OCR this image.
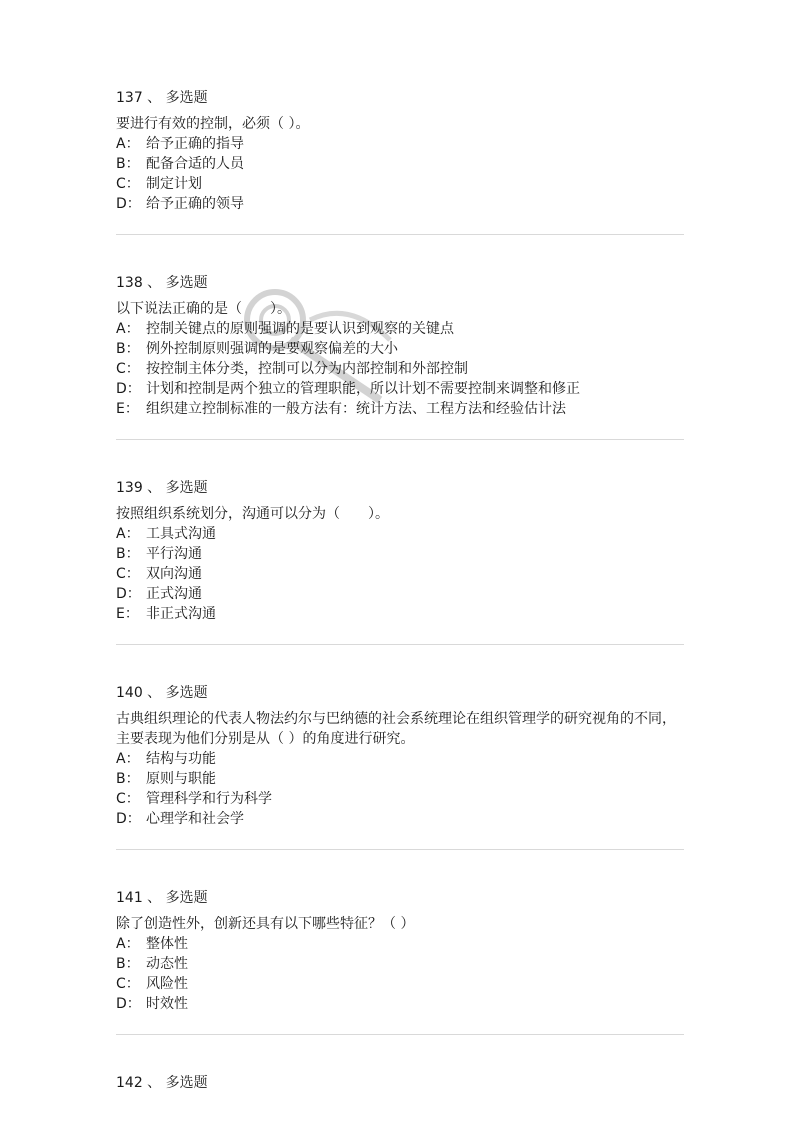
137 、 多选题
要进行有效的控制，必须（ ）。
A： 给予正确的指导
B： 配备合适的人员
C： 制定计划
D： 给予正确的领导
138 、 多选题
以下说法正确的是（　　）。
A： 控制关键点的原则强调的是要认识到观察的关键点
B： 例外控制原则强调的是要观察偏差的大小
C： 按控制主体分类，控制可以分为内部控制和外部控制
D： 计划和控制是两个独立的管理职能，所以计划不需要控制来调整和修正
E： 组织建立控制标准的一般方法有：统计方法、工程方法和经验估计法
139 、 多选题
按照组织系统划分，沟通可以分为（　　）。
A： 工具式沟通
B： 平行沟通
C： 双向沟通
D： 正式沟通
E： 非正式沟通
140 、 多选题
古典组织理论的代表人物法约尔与巴纳德的社会系统理论在组织管理学的研究视角的不同，主要表现为他们分别是从（ ）的角度进行研究。
A： 结构与功能
B： 原则与职能
C： 管理科学和行为科学
D： 心理学和社会学
141 、 多选题
除了创造性外，创新还具有以下哪些特征？（ ）
A： 整体性
B： 动态性
C： 风险性
D： 时效性
142 、 多选题
